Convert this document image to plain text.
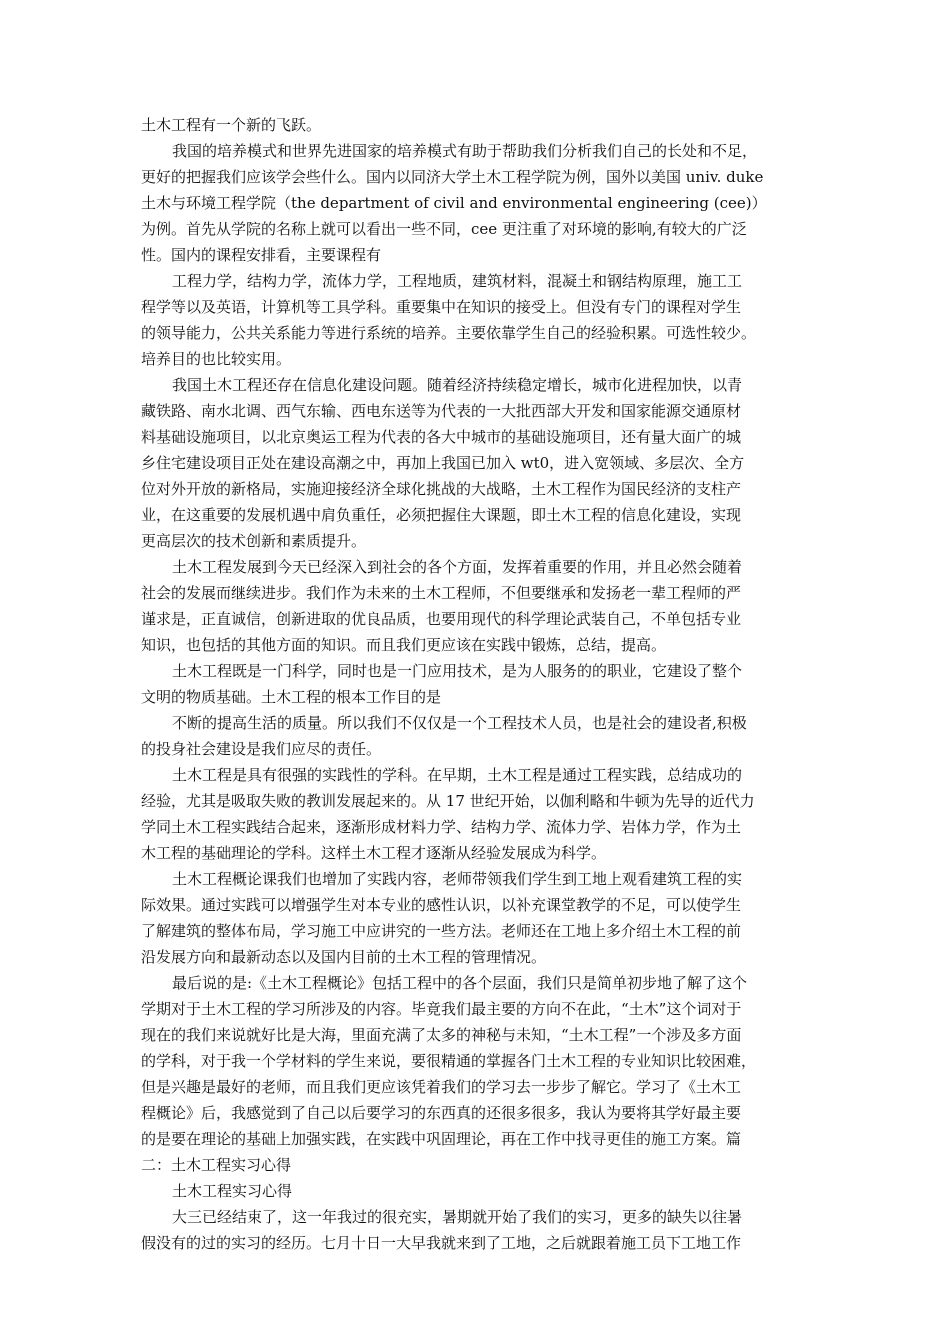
土木工程有一个新的飞跃。
我国的培养模式和世界先进国家的培养模式有助于帮助我们分析我们自己的长处和不足，
更好的把握我们应该学会些什么。国内以同济大学土木工程学院为例，国外以美国 univ. duke
土木与环境工程学院（the department of civil and environmental engineering (cee)）
为例。首先从学院的名称上就可以看出一些不同，cee 更注重了对环境的影响,有较大的广泛
性。国内的课程安排看，主要课程有
工程力学，结构力学，流体力学，工程地质，建筑材料，混凝土和钢结构原理，施工工
程学等以及英语，计算机等工具学科。重要集中在知识的接受上。但没有专门的课程对学生
的领导能力，公共关系能力等进行系统的培养。主要依靠学生自己的经验积累。可选性较少。
培养目的也比较实用。
我国土木工程还存在信息化建设问题。随着经济持续稳定增长，城市化进程加快，以青
藏铁路、南水北调、西气东输、西电东送等为代表的一大批西部大开发和国家能源交通原材
料基础设施项目，以北京奥运工程为代表的各大中城市的基础设施项目，还有量大面广的城
乡住宅建设项目正处在建设高潮之中，再加上我国已加入 wt0，进入宽领域、多层次、全方
位对外开放的新格局，实施迎接经济全球化挑战的大战略，土木工程作为国民经济的支柱产
业，在这重要的发展机遇中肩负重任，必须把握住大课题，即土木工程的信息化建设，实现
更高层次的技术创新和素质提升。
土木工程发展到今天已经深入到社会的各个方面，发挥着重要的作用，并且必然会随着
社会的发展而继续进步。我们作为未来的土木工程师，不但要继承和发扬老一辈工程师的严
谨求是，正直诚信，创新进取的优良品质，也要用现代的科学理论武装自己，不单包括专业
知识，也包括的其他方面的知识。而且我们更应该在实践中锻炼，总结，提高。
土木工程既是一门科学，同时也是一门应用技术，是为人服务的的职业，它建设了整个
文明的物质基础。土木工程的根本工作目的是
不断的提高生活的质量。所以我们不仅仅是一个工程技术人员，也是社会的建设者,积极
的投身社会建设是我们应尽的责任。
土木工程是具有很强的实践性的学科。在早期，土木工程是通过工程实践，总结成功的
经验，尤其是吸取失败的教训发展起来的。从 17 世纪开始，以伽利略和牛顿为先导的近代力
学同土木工程实践结合起来，逐渐形成材料力学、结构力学、流体力学、岩体力学，作为土
木工程的基础理论的学科。这样土木工程才逐渐从经验发展成为科学。
土木工程概论课我们也增加了实践内容，老师带领我们学生到工地上观看建筑工程的实
际效果。通过实践可以增强学生对本专业的感性认识，以补充课堂教学的不足，可以使学生
了解建筑的整体布局，学习施工中应讲究的一些方法。老师还在工地上多介绍土木工程的前
沿发展方向和最新动态以及国内目前的土木工程的管理情况。
最后说的是:《土木工程概论》包括工程中的各个层面，我们只是简单初步地了解了这个
学期对于土木工程的学习所涉及的内容。毕竟我们最主要的方向不在此，“土木”这个词对于
现在的我们来说就好比是大海，里面充满了太多的神秘与未知，“土木工程”一个涉及多方面
的学科，对于我一个学材料的学生来说，要很精通的掌握各门土木工程的专业知识比较困难，
但是兴趣是最好的老师，而且我们更应该凭着我们的学习去一步步了解它。学习了《土木工
程概论》后，我感觉到了自己以后要学习的东西真的还很多很多，我认为要将其学好最主要
的是要在理论的基础上加强实践，在实践中巩固理论，再在工作中找寻更佳的施工方案。篇
二：土木工程实习心得
土木工程实习心得
大三已经结束了，这一年我过的很充实，暑期就开始了我们的实习，更多的缺失以往暑
假没有的过的实习的经历。七月十日一大早我就来到了工地，之后就跟着施工员下工地工作
